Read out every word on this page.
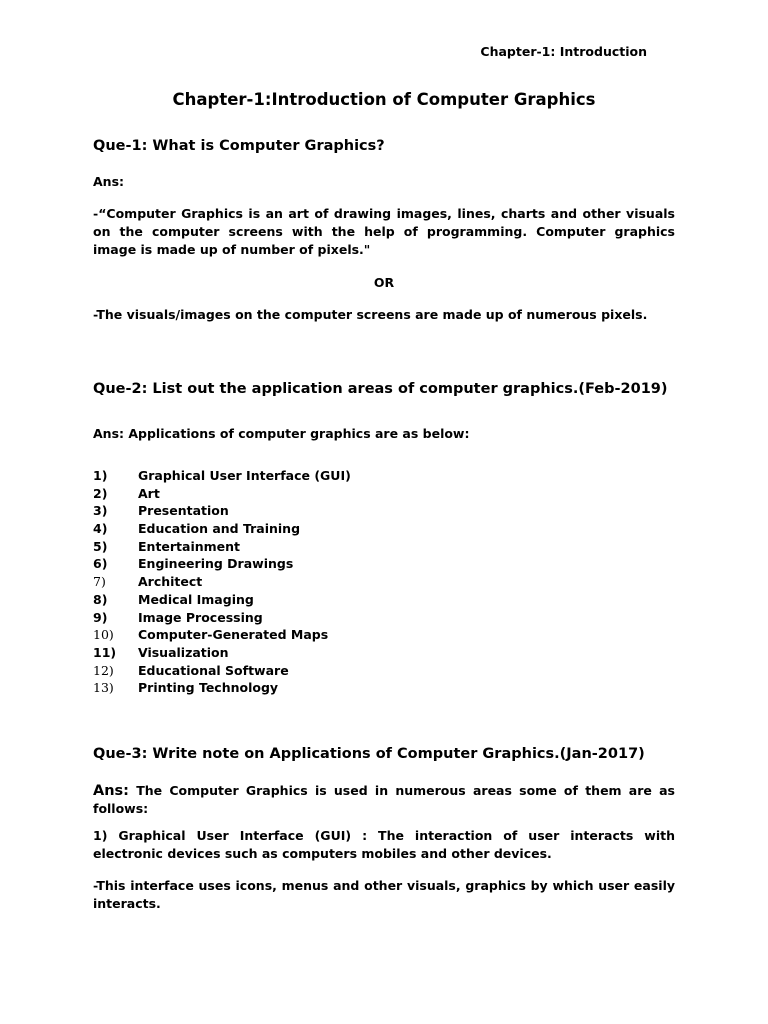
Chapter-1: Introduction
Chapter-1:Introduction of Computer Graphics
Que-1: What is Computer Graphics?
Ans:
-“Computer Graphics is an art of drawing images, lines, charts and other visuals on the computer screens with the help of programming. Computer graphics image is made up of number of pixels."
OR
-The visuals/images on the computer screens are made up of numerous pixels.
Que-2: List out the application areas of computer graphics.(Feb-2019)
Ans: Applications of computer graphics are as below:
1) Graphical User Interface (GUI)
2) Art
3) Presentation
4) Education and Training
5) Entertainment
6) Engineering Drawings
7)	Architect
8) Medical Imaging
9) Image Processing
10) Computer-Generated Maps
11) Visualization
12) Educational Software
13) Printing Technology
Que-3: Write note on Applications of Computer Graphics.(Jan-2017)
Ans: The Computer Graphics is used in numerous areas some of them are as follows:
1) Graphical User Interface (GUI) : The interaction of user interacts with electronic devices such as computers mobiles and other devices.
-This interface uses icons, menus and other visuals, graphics by which user easily interacts.
